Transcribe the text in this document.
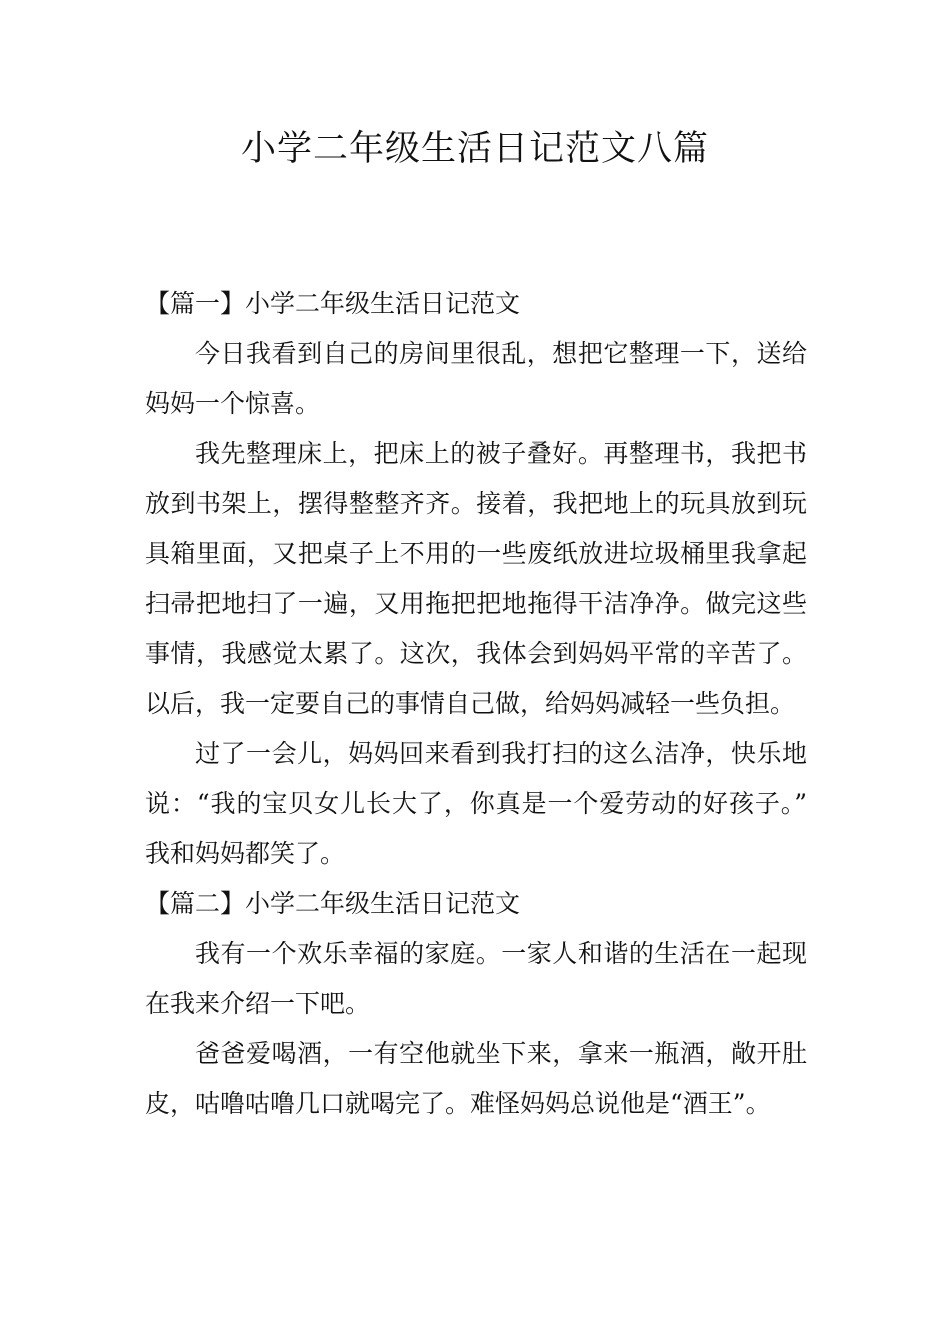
小学二年级生活日记范文八篇
【篇一】小学二年级生活日记范文

今日我看到自己的房间里很乱，想把它整理一下，送给妈妈一个惊喜。

我先整理床上，把床上的被子叠好。再整理书，我把书放到书架上，摆得整整齐齐。接着，我把地上的玩具放到玩具箱里面，又把桌子上不用的一些废纸放进垃圾桶里我拿起扫帚把地扫了一遍，又用拖把把地拖得干洁净净。做完这些事情，我感觉太累了。这次，我体会到妈妈平常的辛苦了。以后，我一定要自己的事情自己做，给妈妈减轻一些负担。

过了一会儿，妈妈回来看到我打扫的这么洁净，快乐地说：“我的宝贝女儿长大了，你真是一个爱劳动的好孩子。”我和妈妈都笑了。

【篇二】小学二年级生活日记范文

我有一个欢乐幸福的家庭。一家人和谐的生活在一起现在我来介绍一下吧。

爸爸爱喝酒，一有空他就坐下来，拿来一瓶酒，敞开肚皮，咕噜咕噜几口就喝完了。难怪妈妈总说他是“酒王”。
